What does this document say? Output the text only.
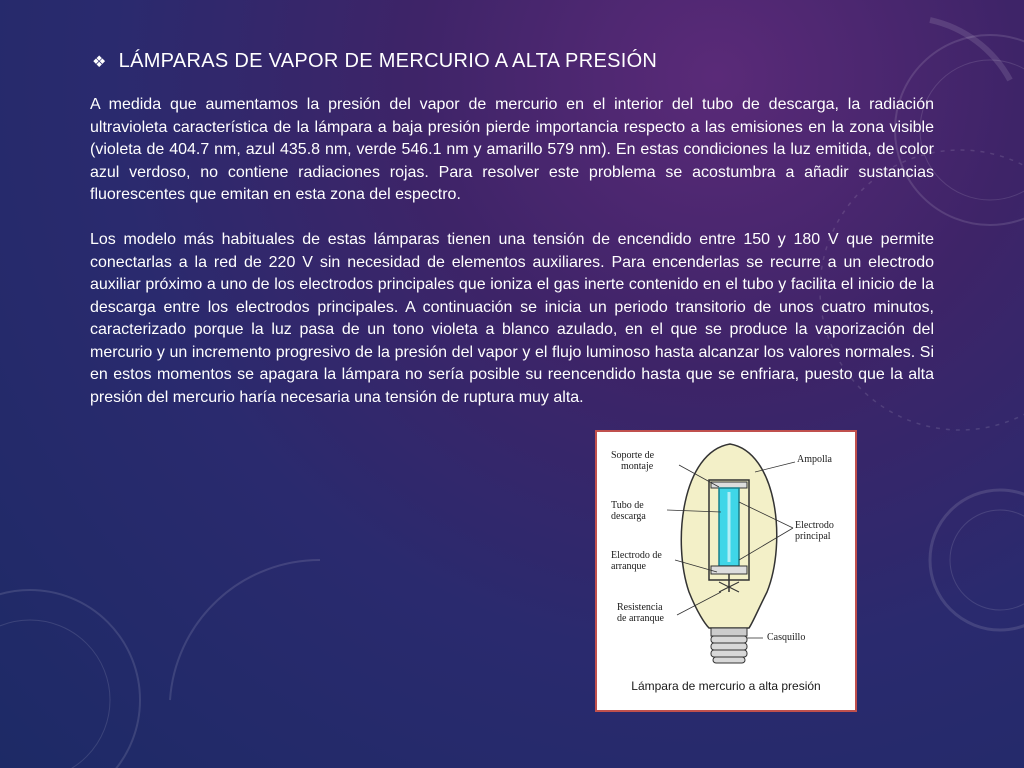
❖ LÁMPARAS DE VAPOR DE MERCURIO A ALTA PRESIÓN
A medida que aumentamos la presión del vapor de mercurio en el interior del tubo de descarga, la radiación ultravioleta característica de la lámpara a baja presión pierde importancia respecto a las emisiones en la zona visible (violeta de 404.7 nm, azul 435.8 nm, verde 546.1 nm y amarillo 579 nm). En estas condiciones la luz emitida, de color azul verdoso, no contiene radiaciones rojas. Para resolver este problema se acostumbra a añadir sustancias fluorescentes que emitan en esta zona del espectro.
Los modelo más habituales de estas lámparas tienen una tensión de encendido entre 150 y 180 V que permite conectarlas a la red de 220 V sin necesidad de elementos auxiliares. Para encenderlas se recurre a un electrodo auxiliar próximo a uno de los electrodos principales que ioniza el gas inerte contenido en el tubo y facilita el inicio de la descarga entre los electrodos principales. A continuación se inicia un periodo transitorio de unos cuatro minutos, caracterizado porque la luz pasa de un tono violeta a blanco azulado, en el que se produce la vaporización del mercurio y un incremento progresivo de la presión del vapor y el flujo luminoso hasta alcanzar los valores normales. Si en estos momentos se apagara la lámpara no sería posible su reencendido hasta que se enfriara, puesto que la alta presión del mercurio haría necesaria una tensión de ruptura muy alta.
Soporte de
montaje
Tubo de
descarga
Electrodo de
arranque
Resistencia
de arranque
Ampolla
Electrodo
principal
Casquillo
Lámpara de mercurio a alta presión
